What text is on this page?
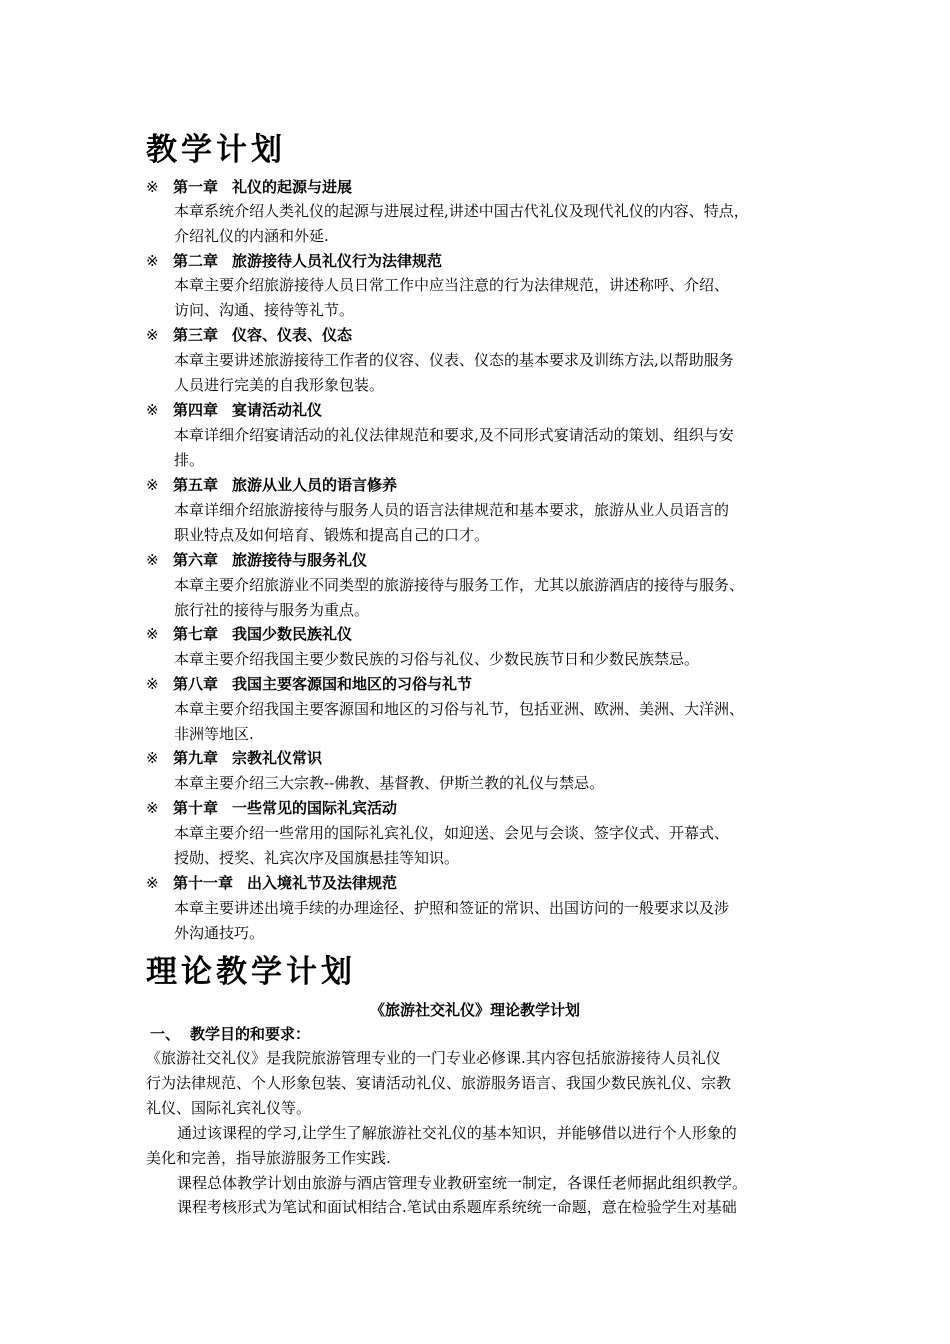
教学计划
※ 第一章 礼仪的起源与进展
本章系统介绍人类礼仪的起源与进展过程,讲述中国古代礼仪及现代礼仪的内容、特点，
介绍礼仪的内涵和外延.
※ 第二章 旅游接待人员礼仪行为法律规范
本章主要介绍旅游接待人员日常工作中应当注意的行为法律规范，讲述称呼、介绍、
访问、沟通、接待等礼节。
※ 第三章 仪容、仪表、仪态
本章主要讲述旅游接待工作者的仪容、仪表、仪态的基本要求及训练方法,以帮助服务
人员进行完美的自我形象包装。
※ 第四章 宴请活动礼仪
本章详细介绍宴请活动的礼仪法律规范和要求,及不同形式宴请活动的策划、组织与安
排。
※ 第五章 旅游从业人员的语言修养
本章详细介绍旅游接待与服务人员的语言法律规范和基本要求，旅游从业人员语言的
职业特点及如何培育、锻炼和提高自己的口才。
※ 第六章 旅游接待与服务礼仪
本章主要介绍旅游业不同类型的旅游接待与服务工作，尤其以旅游酒店的接待与服务、
旅行社的接待与服务为重点。
※ 第七章 我国少数民族礼仪
本章主要介绍我国主要少数民族的习俗与礼仪、少数民族节日和少数民族禁忌。
※ 第八章 我国主要客源国和地区的习俗与礼节
本章主要介绍我国主要客源国和地区的习俗与礼节，包括亚洲、欧洲、美洲、大洋洲、
非洲等地区.
※ 第九章 宗教礼仪常识
本章主要介绍三大宗教--佛教、基督教、伊斯兰教的礼仪与禁忌。
※ 第十章 一些常见的国际礼宾活动
本章主要介绍一些常用的国际礼宾礼仪，如迎送、会见与会谈、签字仪式、开幕式、
授勋、授奖、礼宾次序及国旗悬挂等知识。
※ 第十一章 出入境礼节及法律规范
本章主要讲述出境手续的办理途径、护照和签证的常识、出国访问的一般要求以及涉
外沟通技巧。
理论教学计划
《旅游社交礼仪》理论教学计划
一、 教学目的和要求：
《旅游社交礼仪》是我院旅游管理专业的一门专业必修课.其内容包括旅游接待人员礼仪
行为法律规范、个人形象包装、宴请活动礼仪、旅游服务语言、我国少数民族礼仪、宗教
礼仪、国际礼宾礼仪等。
通过该课程的学习,让学生了解旅游社交礼仪的基本知识，并能够借以进行个人形象的
美化和完善，指导旅游服务工作实践.
课程总体教学计划由旅游与酒店管理专业教研室统一制定，各课任老师据此组织教学。
课程考核形式为笔试和面试相结合.笔试由系题库系统统一命题，意在检验学生对基础
